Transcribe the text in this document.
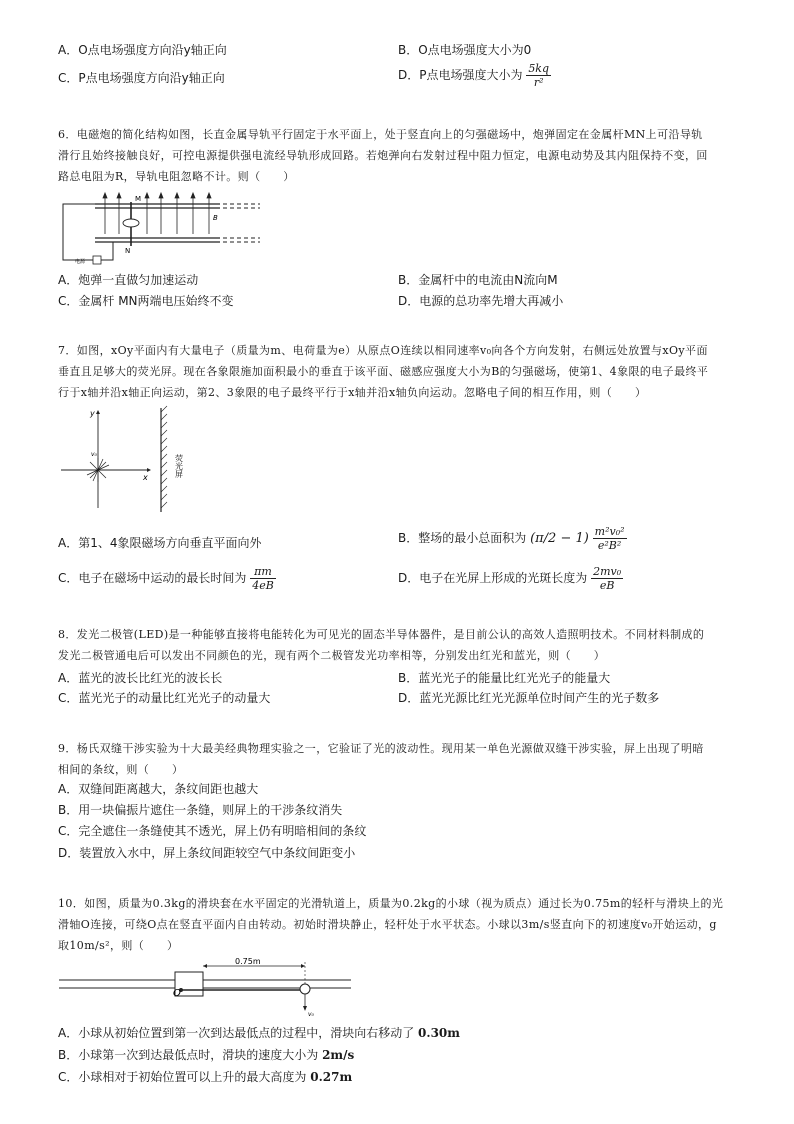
A．O点电场强度方向沿y轴正向	B．O点电场强度大小为0
C．P点电场强度方向沿y轴正向	D．P点电场强度大小为 $\frac{5kq}{\text{r²}}$
6．电磁炮的简化结构如图，长直金属导轨平行固定于水平面上，处于竖直向上的匀强磁场中，炮弹固定在金属杆MN上可沿导轨
滑行且始终接触良好，可控电源提供强电流经导轨形成回路。若炮弹向右发射过程中阻力恒定，电源电动势及其内阻保持不变，回
路总电阻为R，导轨电阻忽略不计。则（　　）
电源
M
N
B
A．炮弹一直做匀加速运动	B．金属杆中的电流由N流向M
C．金属杆 MN两端电压始终不变	D．电源的总功率先增大再减小
7．如图，xOy平面内有大量电子（质量为m、电荷量为e）从原点O连续以相同速率v₀向各个方向发射，右侧远处放置与xOy平面
垂直且足够大的荧光屏。现在各象限施加面积最小的垂直于该平面、磁感应强度大小为B的匀强磁场，使第1、4象限的电子最终平
行于x轴并沿x轴正向运动，第2、3象限的电子最终平行于x轴并沿x轴负向运动。忽略电子间的相互作用，则（　　）
y
x
v₀	荧光屏
A．第1、4象限磁场方向垂直平面向外	B．整场的最小总面积为 $(\pi/2 - 1) \frac{\text{m²v₀²}}{\text{e²B²}}$
C．电子在磁场中运动的最长时间为 $\frac{\pi m}{4eB}$	D．电子在光屏上形成的光斑长度为 $\frac{\text{2mv₀}}{eB}$
8．发光二极管(LED)是一种能够直接将电能转化为可见光的固态半导体器件，是目前公认的高效人造照明技术。不同材料制成的
发光二极管通电后可以发出不同颜色的光，现有两个二极管发光功率相等，分别发出红光和蓝光，则（　　）
A．蓝光的波长比红光的波长长	B．蓝光光子的能量比红光光子的能量大
C．蓝光光子的动量比红光光子的动量大	D．蓝光光源比红光光源单位时间产生的光子数多
9．杨氏双缝干涉实验为十大最美经典物理实验之一，它验证了光的波动性。现用某一单色光源做双缝干涉实验，屏上出现了明暗
相间的条纹，则（　　）
A．双缝间距离越大，条纹间距也越大
B．用一块偏振片遮住一条缝，则屏上的干涉条纹消失
C．完全遮住一条缝使其不透光，屏上仍有明暗相间的条纹
D．装置放入水中，屏上条纹间距较空气中条纹间距变小
10．如图，质量为0.3kg的滑块套在水平固定的光滑轨道上，质量为0.2kg的小球（视为质点）通过长为0.75m的轻杆与滑块上的光
滑轴O连接，可绕O点在竖直平面内自由转动。初始时滑块静止，轻杆处于水平状态。小球以3m/s竖直向下的初速度v₀开始运动，g
取10m/s²，则（　　）
O
v₀
0.75m
A．小球从初始位置到第一次到达最低点的过程中，滑块向右移动了 0.30m
B．小球第一次到达最低点时，滑块的速度大小为 2m/s
C．小球相对于初始位置可以上升的最大高度为 0.27m
